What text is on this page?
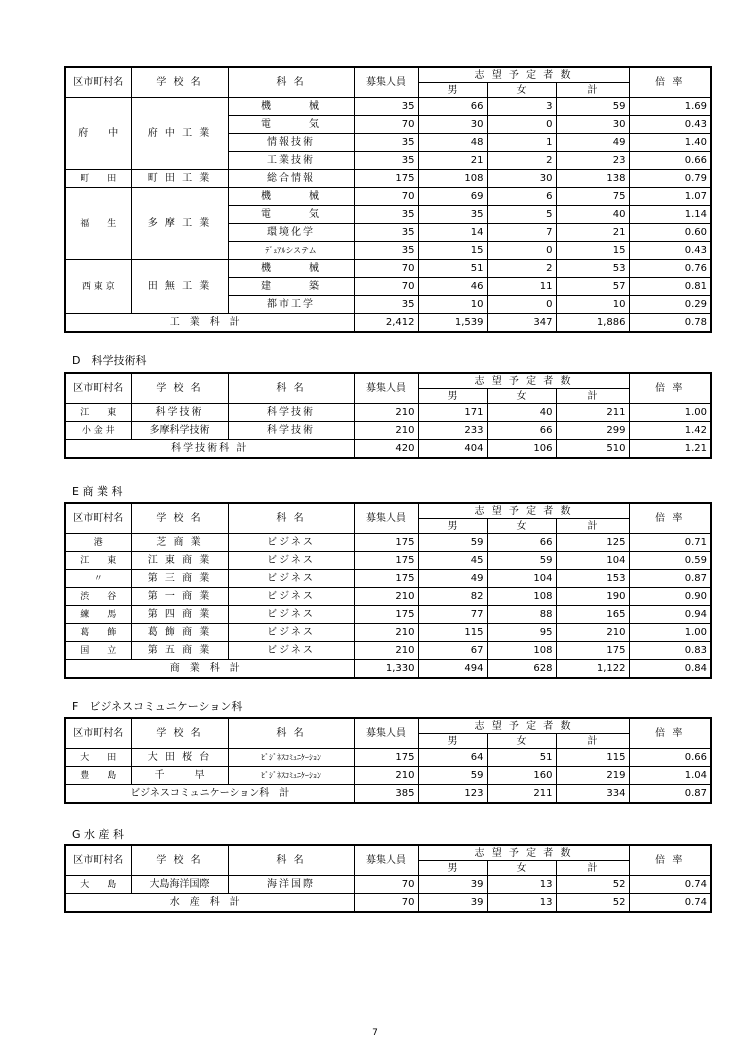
区市町村名	学 校 名	科 名	募集人員	志 望 予 定 者 数			倍 率
				男	女	計	
府　　中	府 中 工 業	機　　　械	35	66	3	59	1.69
		電　　　気	70	30	0	30	0.43
		情報技術	35	48	1	49	1.40
		工業技術	35	21	2	23	0.66
町　　田	町 田 工 業	総合情報	175	108	30	138	0.79
福　　生	多 摩 工 業	機　　　械	70	69	6	75	1.07
		電　　　気	35	35	5	40	1.14
		環境化学	35	14	7	21	0.60
		ﾃﾞｭｱﾙシステム	35	15	0	15	0.43
西 東 京	田 無 工 業	機　　　械	70	51	2	53	0.76
		建　　　築	70	46	11	57	0.81
		都市工学	35	10	0	10	0.29
工業科計			2,412	1,539	347	1,886	0.78
D　科学技術科
区市町村名	学 校 名	科 名	募集人員	志 望 予 定 者 数			倍 率
				男	女	計	
江　　東	科学技術	科学技術	210	171	40	211	1.00
小 金 井	多摩科学技術	科学技術	210	233	66	299	1.42
科学技術科 計			420	404	106	510	1.21
E 商 業 科
区市町村名	学 校 名	科 名	募集人員	志 望 予 定 者 数			倍 率
				男	女	計	
港	芝 商 業	ビジネス	175	59	66	125	0.71
江　　東	江 東 商 業	ビジネス	175	45	59	104	0.59
〃	第 三 商 業	ビジネス	175	49	104	153	0.87
渋　　谷	第 一 商 業	ビジネス	210	82	108	190	0.90
練　　馬	第 四 商 業	ビジネス	175	77	88	165	0.94
葛　　飾	葛 飾 商 業	ビジネス	210	115	95	210	1.00
国　　立	第 五 商 業	ビジネス	210	67	108	175	0.83
商業科計			1,330	494	628	1,122	0.84
F　ビジネスコミュニケーション科
区市町村名	学 校 名	科 名	募集人員	志 望 予 定 者 数			倍 率
				男	女	計	
大　　田	大 田 桜 台	ﾋﾞｼﾞﾈｽｺﾐｭﾆｹｰｼｮﾝ	175	64	51	115	0.66
豊　　島	千　　　早	ﾋﾞｼﾞﾈｽｺﾐｭﾆｹｰｼｮﾝ	210	59	160	219	1.04
ビジネスコミュニケーション科　計			385	123	211	334	0.87
G 水 産 科
区市町村名	学 校 名	科 名	募集人員	志 望 予 定 者 数			倍 率
				男	女	計	
大　　島	大島海洋国際	海洋国際	70	39	13	52	0.74
水産科計			70	39	13	52	0.74
7
